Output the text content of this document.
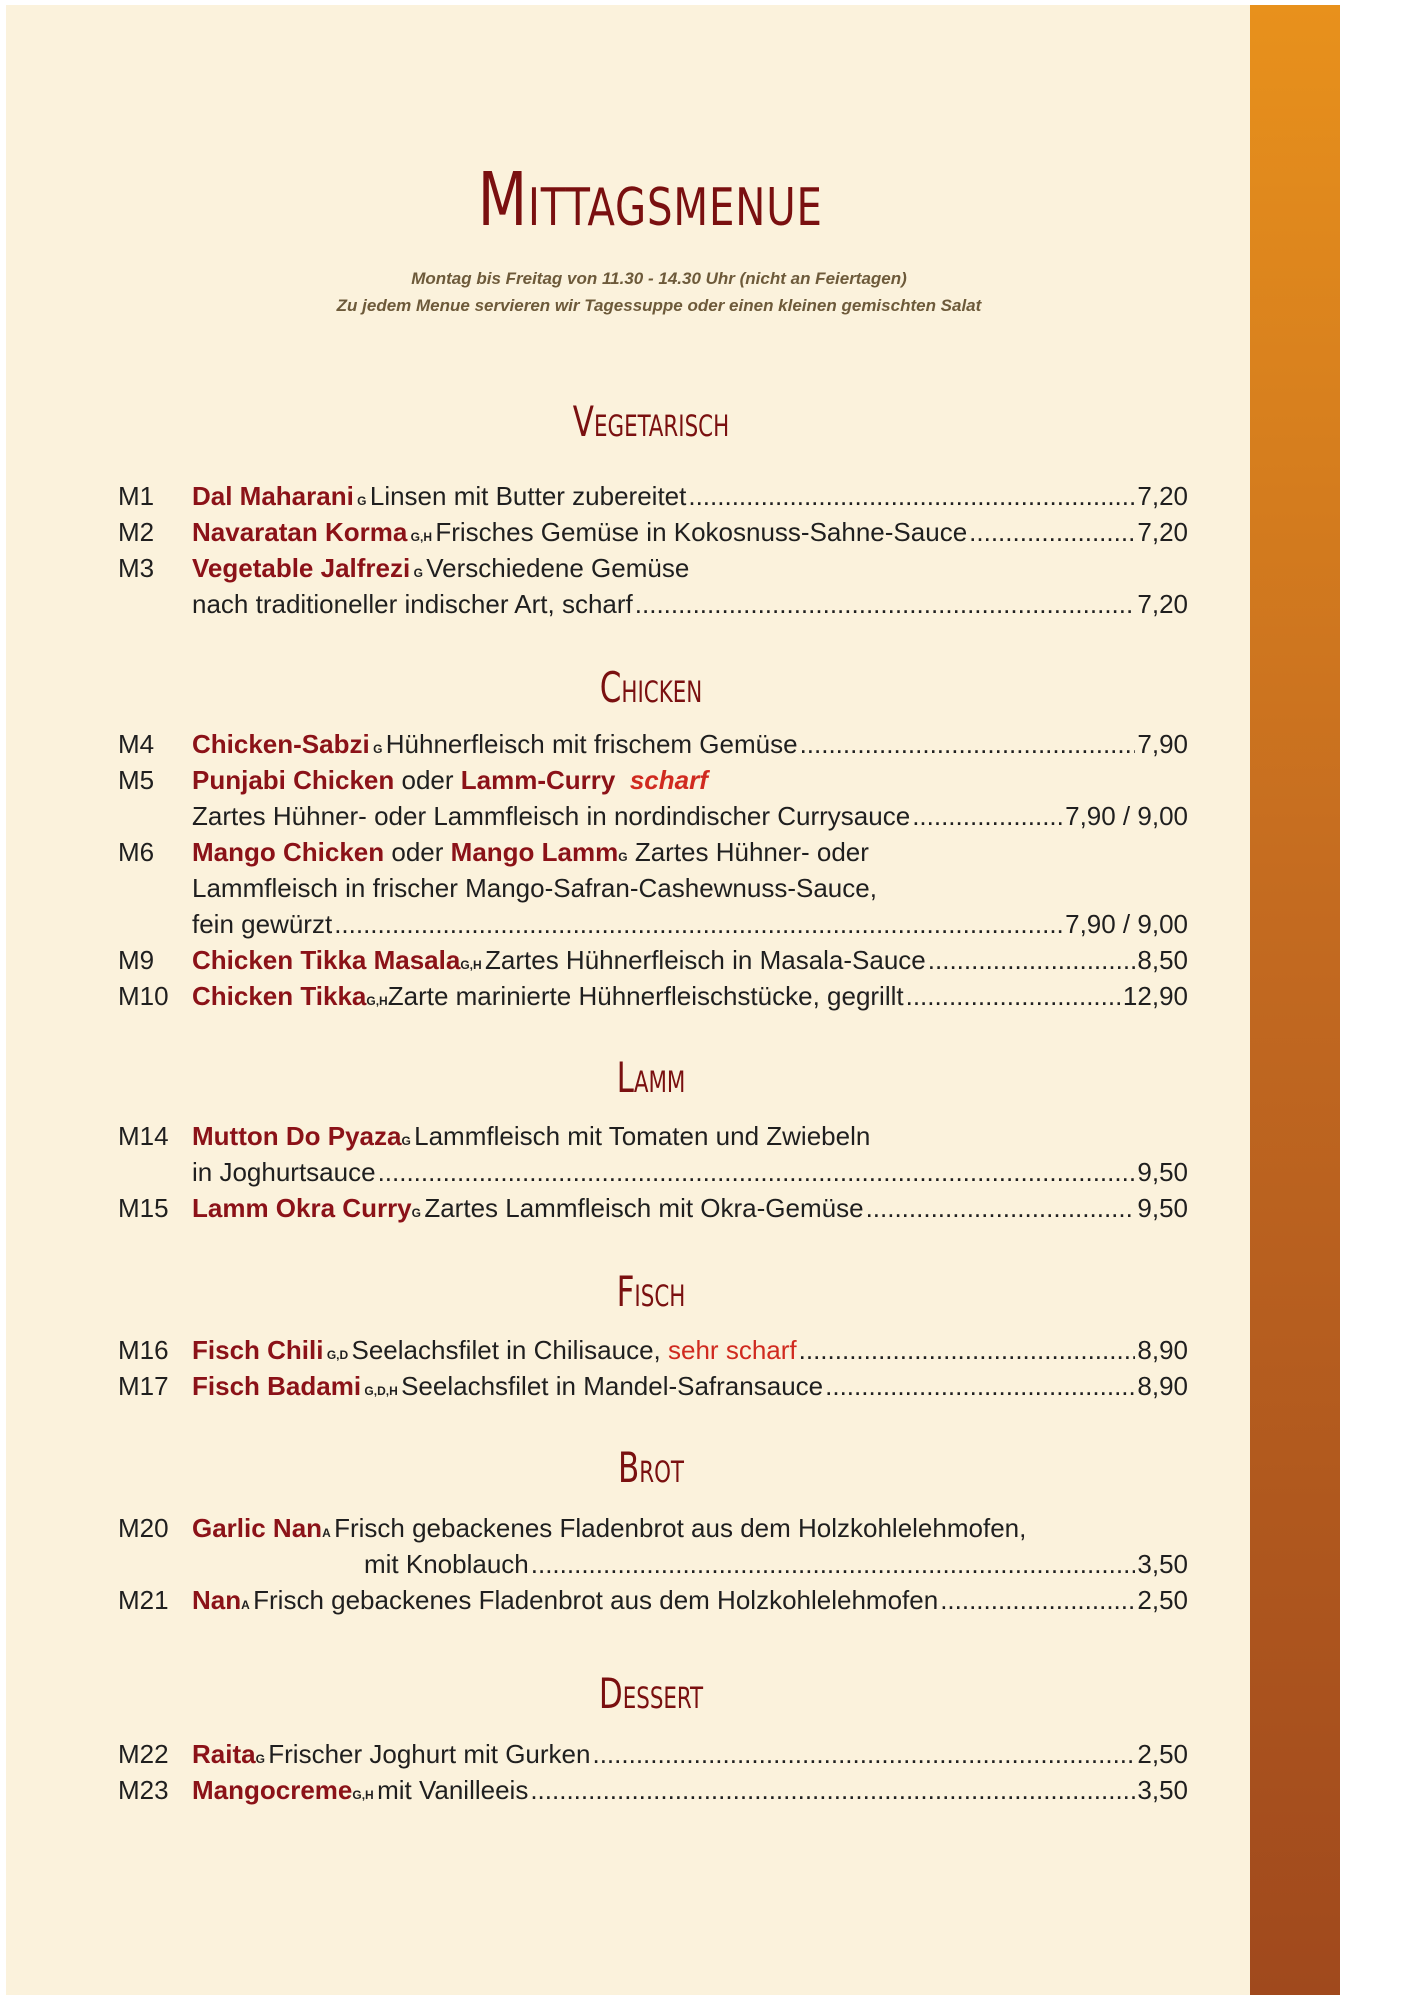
Mittagsmenue
Montag bis Freitag von 11.30 - 14.30 Uhr (nicht an Feiertagen)
Zu jedem Menue servieren wir Tagessuppe oder einen kleinen gemischten Salat
Vegetarisch
M1	Dal Maharani G Linsen mit Butter zubereitet .....	7,20
M2	Navaratan Korma G,H Frisches Gemüse in Kokosnuss-Sahne-Sauce .....	7,20
M3	Vegetable Jalfrezi G Verschiedene Gemüse
nach traditioneller indischer Art, scharf .....	7,20
Chicken
M4	Chicken-Sabzi G Hühnerfleisch mit frischem Gemüse .....	7,90
M5	Punjabi Chicken oder Lamm-Curry scharf
Zartes Hühner- oder Lammfleisch in nordindischer Currysauce .....	7,90 / 9,00
M6	Mango Chicken oder Mango Lamm G Zartes Hühner- oder
Lammfleisch in frischer Mango-Safran-Cashewnuss-Sauce,
fein gewürzt .....	7,90 / 9,00
M9	Chicken Tikka Masala G,H Zartes Hühnerfleisch in Masala-Sauce .....	8,50
M10 Chicken Tikka G,H Zarte marinierte Hühnerfleischstücke, gegrillt .....	12,90
Lamm
M14 Mutton Do Pyaza G Lammfleisch mit Tomaten und Zwiebeln
in Joghurtsauce .....	9,50
M15 Lamm Okra Curry G Zartes Lammfleisch mit Okra-Gemüse .....	9,50
Fisch
M16 Fisch Chili G,D Seelachsfilet in Chilisauce, sehr scharf .....	8,90
M17 Fisch Badami G,D,H Seelachsfilet in Mandel-Safransauce .....	8,90
Brot
M20 Garlic Nan A Frisch gebackenes Fladenbrot aus dem Holzkohlelehmofen,
mit Knoblauch .....	3,50
M21 Nan A Frisch gebackenes Fladenbrot aus dem Holzkohlelehmofen .....	2,50
Dessert
M22 Raita G Frischer Joghurt mit Gurken .....	2,50
M23 Mangocreme G,H mit Vanilleeis .....	3,50
